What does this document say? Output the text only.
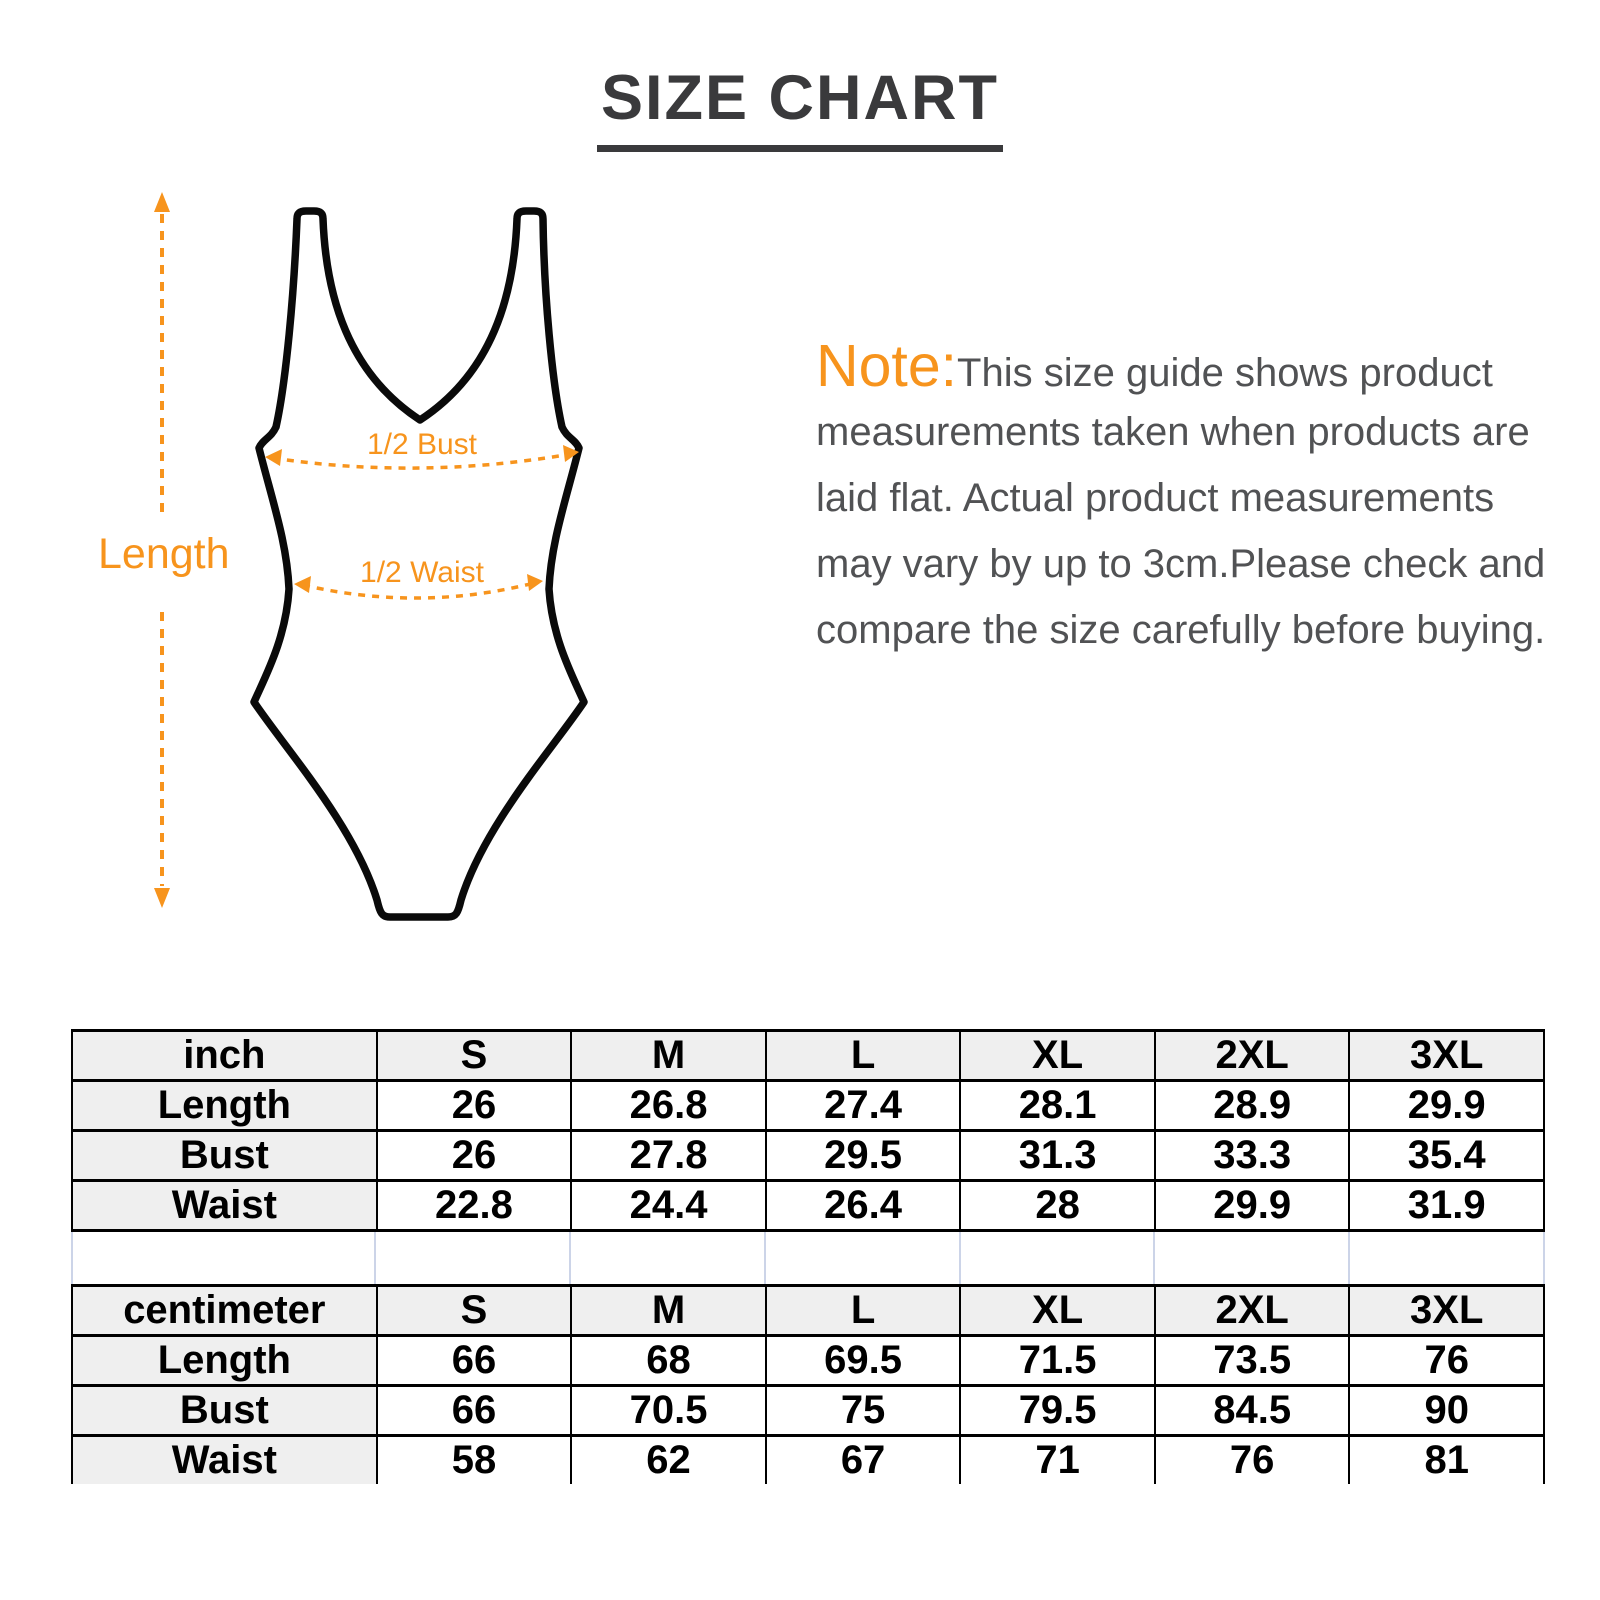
SIZE CHART
Length
1/2 Bust
1/2 Waist
Note:This size guide shows product
measurements taken when products are
laid flat. Actual product measurements
may vary by up to 3cm.Please check and
compare the size carefully before buying.
inch	S	M	L	XL	2XL	3XL
Length	26	26.8	27.4	28.1	28.9	29.9
Bust	26	27.8	29.5	31.3	33.3	35.4
Waist	22.8	24.4	26.4	28	29.9	31.9
centimeter	S	M	L	XL	2XL	3XL
Length	66	68	69.5	71.5	73.5	76
Bust	66	70.5	75	79.5	84.5	90
Waist	58	62	67	71	76	81
